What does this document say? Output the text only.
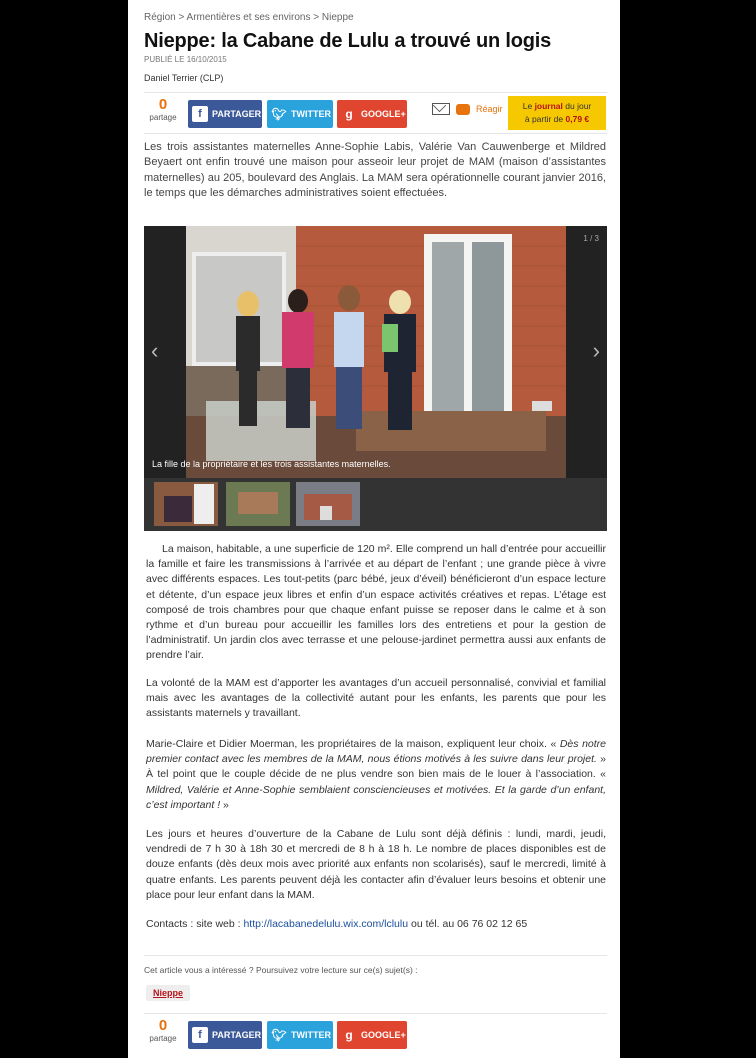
Région > Armentières et ses environs > Nieppe
Nieppe: la Cabane de Lulu a trouvé un logis
PUBLIÉ LE 16/10/2015
Daniel Terrier (CLP)
0
partage	f	PARTAGER 🐦︎ TWITTER	g GOOGLE+	Réagir	Le journal du jour
à partir de 0,79 €
Les trois assistantes maternelles Anne-Sophie Labis, Valérie Van Cauwenberge et Mildred Beyaert ont enfin trouvé une maison pour asseoir leur projet de MAM (maison d’assistantes maternelles) au 205, boulevard des Anglais. La MAM sera opérationnelle courant janvier 2016, le temps que les démarches administratives soient effectuées.
1 / 3
‹	›
La fille de la propriétaire et les trois assistantes maternelles.
Cet article vous a intéressé ? Poursuivez votre lecture sur ce(s) sujet(s) :
Nieppe
0
partage	f	PARTAGER 🐦︎ TWITTER	g GOOGLE+

La maison, habitable, a une superficie de 120 m². Elle comprend un hall d’entrée pour accueillir la famille et faire les transmissions à l’arrivée et au départ de l’enfant ; une grande pièce à vivre avec différents espaces. Les tout-petits (parc bébé, jeux d’éveil) bénéficieront d’un espace lecture et détente, d’un espace jeux libres et enfin d’un espace activités créatives et repas. L’étage est composé de trois chambres pour que chaque enfant puisse se reposer dans le calme et à son rythme et d’un bureau pour accueillir les familles lors des entretiens et pour la gestion de l’administratif. Un jardin clos avec terrasse et une pelouse-jardinet permettra aussi aux enfants de prendre l’air.

La volonté de la MAM est d’apporter les avantages d’un accueil personnalisé, convivial et familial mais avec les avantages de la collectivité autant pour les enfants, les parents que pour les assistants maternels y travaillant.

Marie-Claire et Didier Moerman, les propriétaires de la maison, expliquent leur choix. « Dès notre premier contact avec les membres de la MAM, nous étions motivés à les suivre dans leur projet. » À tel point que le couple décide de ne plus vendre son bien mais de le louer à l’association. « Mildred, Valérie et Anne-Sophie semblaient consciencieuses et motivées. Et la garde d’un enfant, c’est important ! »

Les jours et heures d’ouverture de la Cabane de Lulu sont déjà définis : lundi, mardi, jeudi, vendredi de 7 h 30 à 18h 30 et mercredi de 8 h à 18 h. Le nombre de places disponibles est de douze enfants (dès deux mois avec priorité aux enfants non scolarisés), sauf le mercredi, limité à quatre enfants. Les parents peuvent déjà les contacter afin d’évaluer leurs besoins et obtenir une place pour leur enfant dans la MAM.

Contacts : site web : http://lacabanedelulu.wix.com/lclulu ou tél. au 06 76 02 12 65
